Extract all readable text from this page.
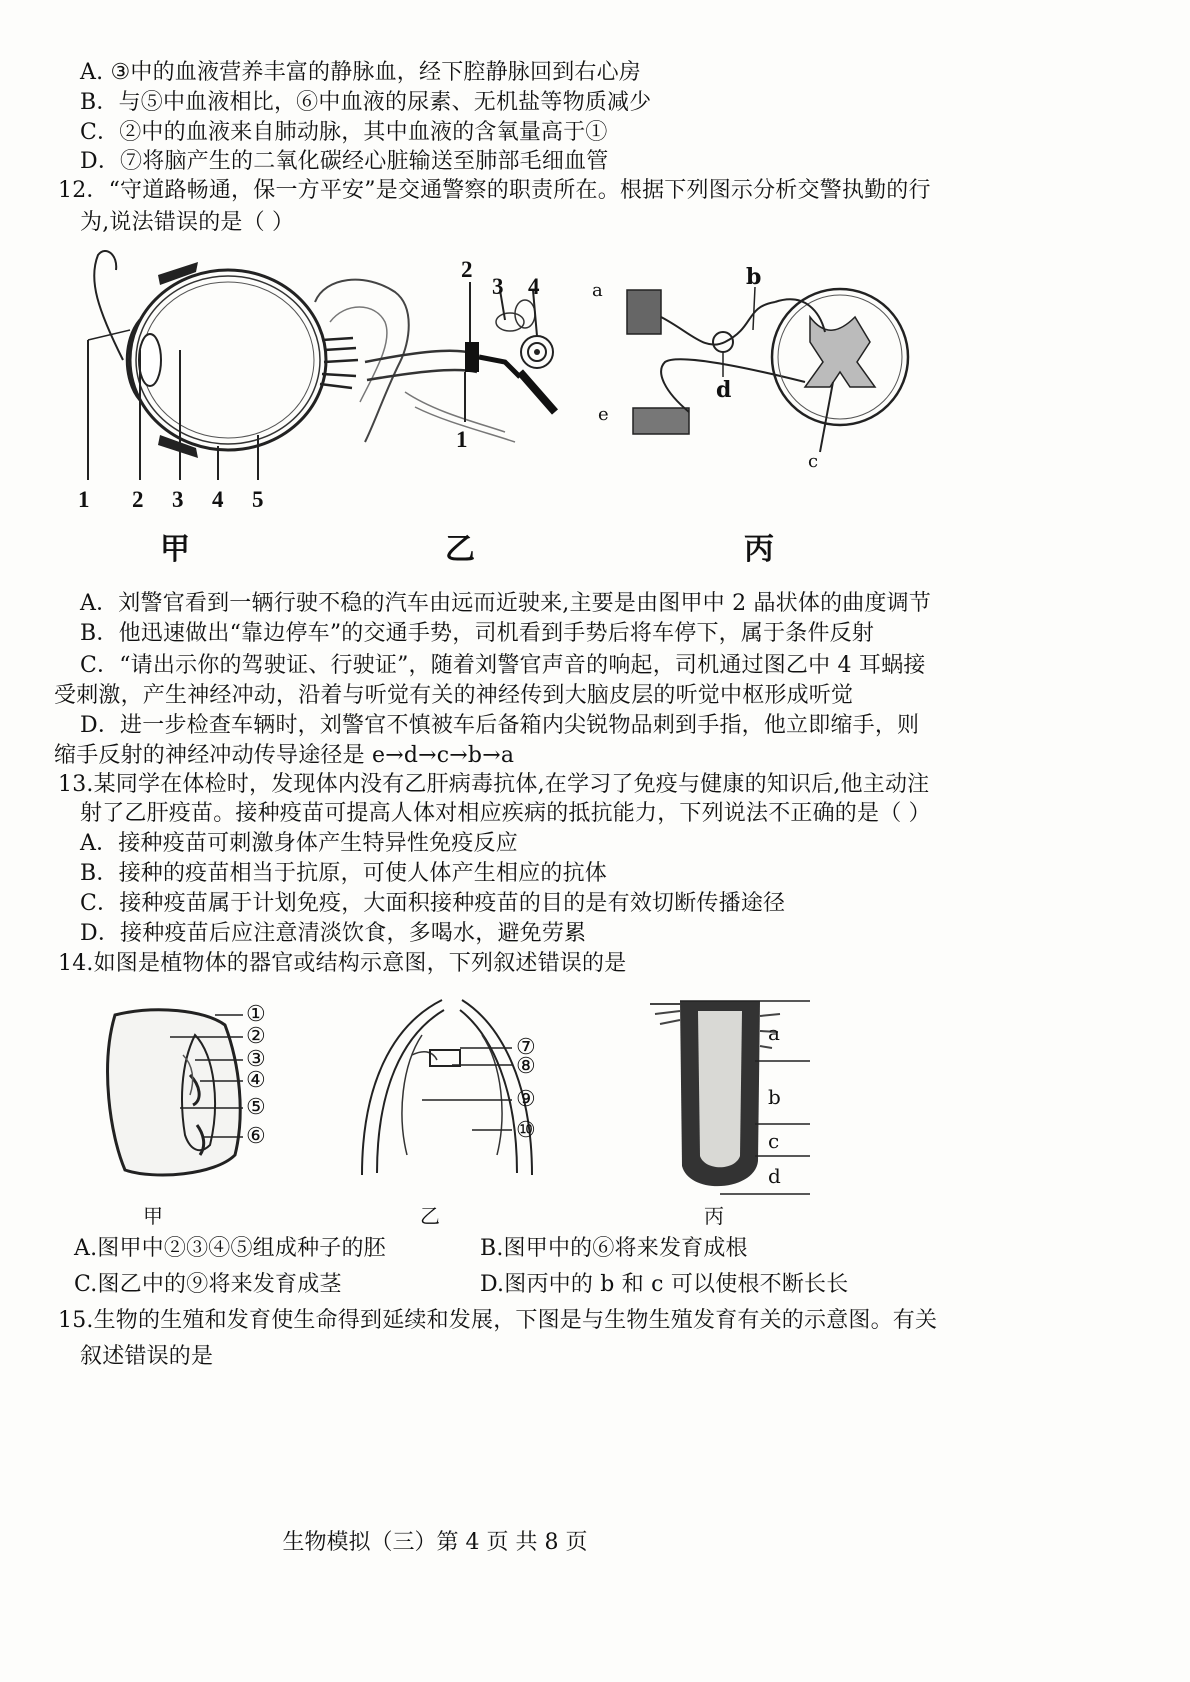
A. ③中的血液营养丰富的静脉血，经下腔静脉回到右心房
B．与⑤中血液相比，⑥中血液的尿素、无机盐等物质减少
C．②中的血液来自肺动脉，其中血液的含氧量高于①
D．⑦将脑产生的二氧化碳经心脏输送至肺部毛细血管
12．“守道路畅通，保一方平安”是交通警察的职责所在。根据下列图示分析交警执勤的行
为,说法错误的是（ ）
1 2 3 4 5
甲
2
3 4
1
乙
a
b
d
e
c
丙
A．刘警官看到一辆行驶不稳的汽车由远而近驶来,主要是由图甲中 2 晶状体的曲度调节
B．他迅速做出“靠边停车”的交通手势，司机看到手势后将车停下，属于条件反射
C．“请出示你的驾驶证、行驶证”，随着刘警官声音的响起，司机通过图乙中 4 耳蜗接
受刺激，产生神经冲动，沿着与听觉有关的神经传到大脑皮层的听觉中枢形成听觉
D．进一步检查车辆时，刘警官不慎被车后备箱内尖锐物品刺到手指，他立即缩手，则
缩手反射的神经冲动传导途径是 e→d→c→b→a
13.某同学在体检时，发现体内没有乙肝病毒抗体,在学习了免疫与健康的知识后,他主动注
射了乙肝疫苗。接种疫苗可提高人体对相应疾病的抵抗能力，下列说法不正确的是（ ）
A．接种疫苗可刺激身体产生特异性免疫反应
B．接种的疫苗相当于抗原，可使人体产生相应的抗体
C．接种疫苗属于计划免疫，大面积接种疫苗的目的是有效切断传播途径
D．接种疫苗后应注意清淡饮食，多喝水，避免劳累
14.如图是植物体的器官或结构示意图，下列叙述错误的是
①
②
③
④
⑤
⑥
甲
⑦
⑧
⑨
⑩
乙
a
b
c
d
丙
A.图甲中②③④⑤组成种子的胚	B.图甲中的⑥将来发育成根
C.图乙中的⑨将来发育成茎	D.图丙中的 b 和 c 可以使根不断长长
15.生物的生殖和发育使生命得到延续和发展，下图是与生物生殖发育有关的示意图。有关
叙述错误的是
生物模拟（三）第 4 页 共 8 页
